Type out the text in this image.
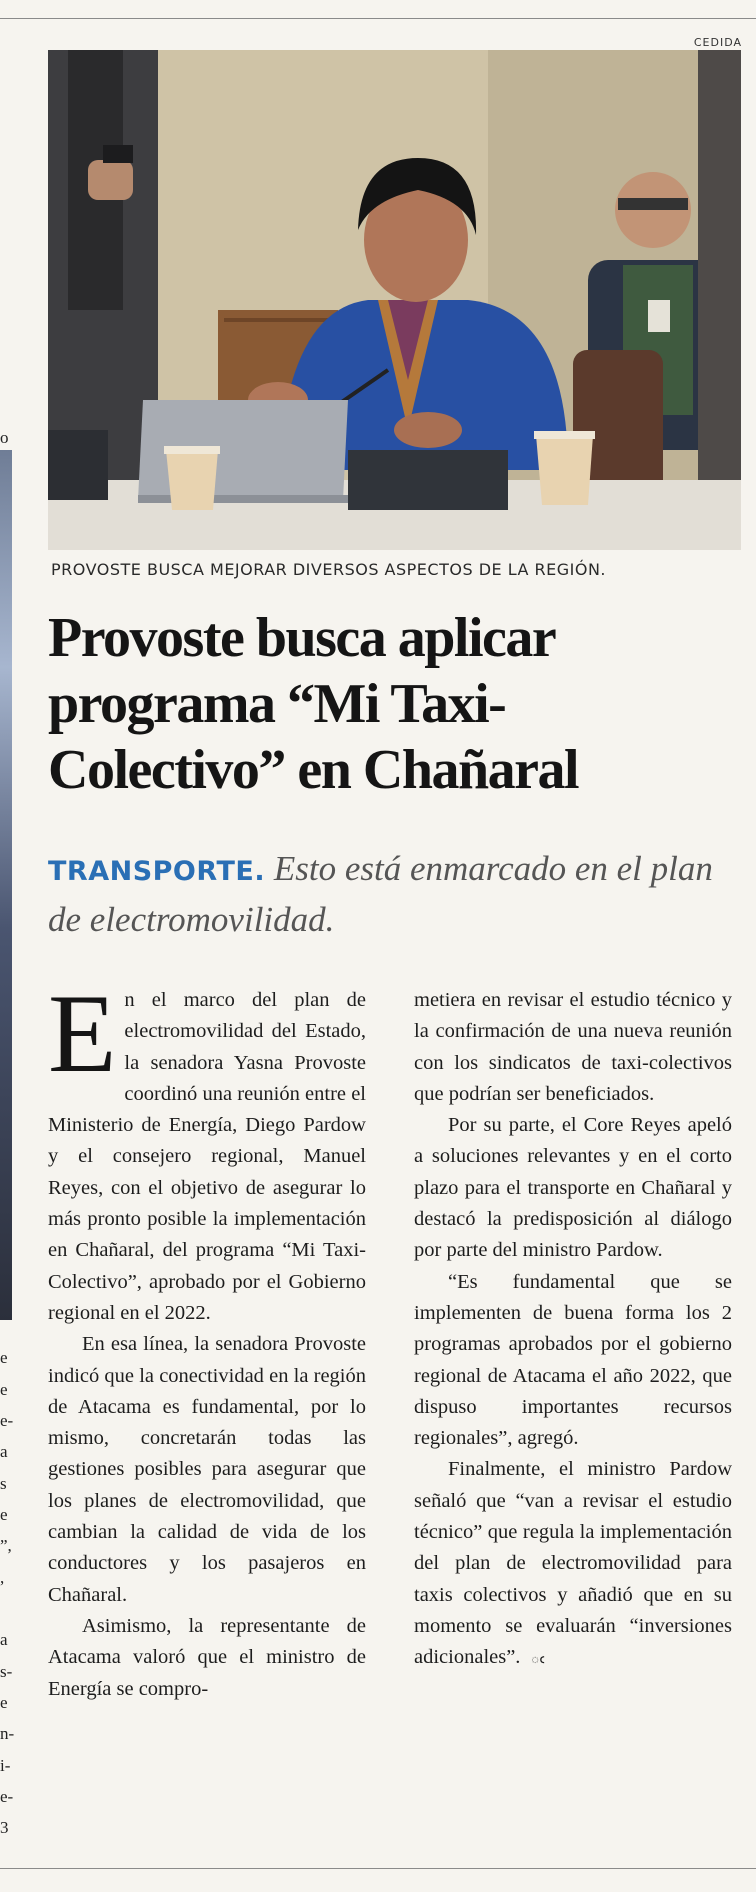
o
e
e
e-
a
s
e
”,
,
a
s-
e
n-
i-
e-
3
CEDIDA
PROVOSTE BUSCA MEJORAR DIVERSOS ASPECTOS DE LA REGIÓN.
Provoste busca aplicar
programa “Mi Taxi-
Colectivo” en Chañaral
TRANSPORTE. Esto está enmarcado en el plan de electromovilidad.

En el marco del plan de electromovilidad del Estado, la senadora Yasna Provoste coordinó una reunión entre el Ministerio de Energía, Diego Pardow y el consejero regional, Manuel Reyes, con el objetivo de asegurar lo más pronto posible la implementación en Chañaral, del programa “Mi Taxi-Colectivo”, aprobado por el Gobierno regional en el 2022.

En esa línea, la senadora Provoste indicó que la conectividad en la región de Atacama es fundamental, por lo mismo, concretarán todas las gestiones posibles para asegurar que los planes de electromovilidad, que cambian la calidad de vida de los conductores y los pasajeros en Chañaral.

Asimismo, la representante de Atacama valoró que el ministro de Energía se compro-

metiera en revisar el estudio técnico y la confirmación de una nueva reunión con los sindicatos de taxi-colectivos que podrían ser beneficiados.

Por su parte, el Core Reyes apeló a soluciones relevantes y en el corto plazo para el transporte en Chañaral y destacó la predisposición al diálogo por parte del ministro Pardow.

“Es fundamental que se implementen de buena forma los 2 programas aprobados por el gobierno regional de Atacama el año 2022, que dispuso importantes recursos regionales”, agregó.

Finalmente, el ministro Pardow señaló que “van a revisar el estudio técnico” que regula la implementación del plan de electromovilidad para taxis colectivos y añadió que en su momento se evaluarán “inversiones adicionales”. ఁ
